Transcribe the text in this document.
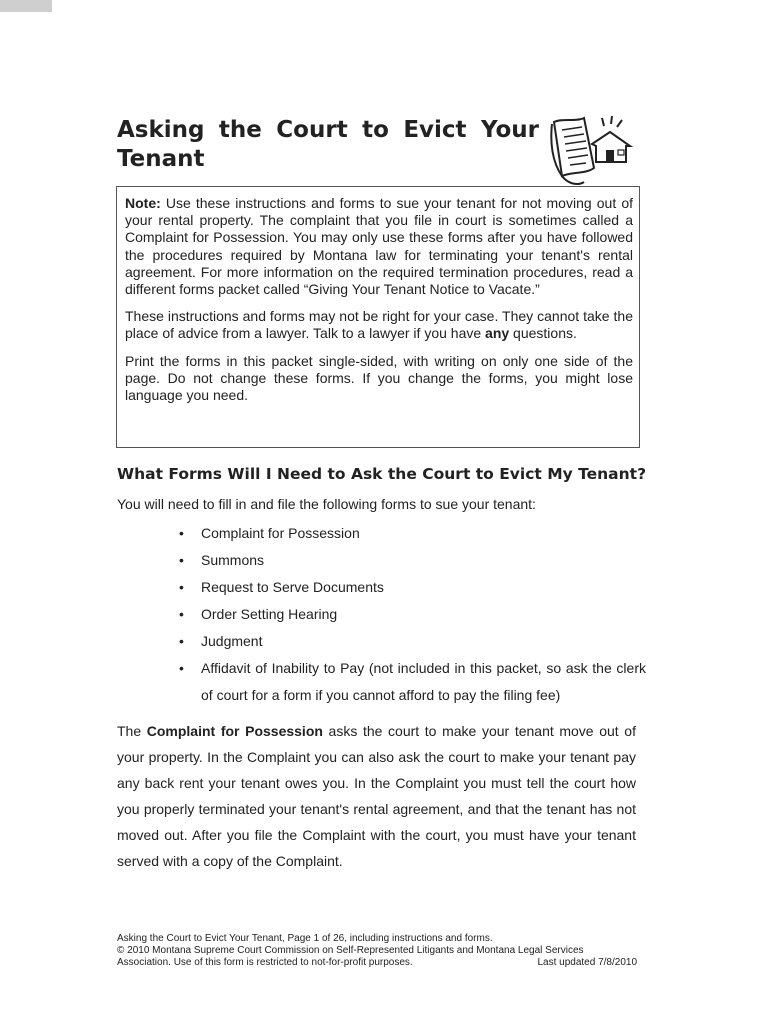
Asking the Court to Evict Your
Tenant

Note: Use these instructions and forms to sue your tenant for not moving out of your rental property. The complaint that you file in court is sometimes called a Complaint for Possession. You may only use these forms after you have followed the procedures required by Montana law for terminating your tenant's rental agreement. For more information on the required termination procedures, read a different forms packet called “Giving Your Tenant Notice to Vacate.”

These instructions and forms may not be right for your case. They cannot take the place of advice from a lawyer. Talk to a lawyer if you have any questions.

Print the forms in this packet single-sided, with writing on only one side of the page. Do not change these forms. If you change the forms, you might lose language you need.

What Forms Will I Need to Ask the Court to Evict My Tenant?

You will need to fill in and file the following forms to sue your tenant:

• Complaint for Possession
• Summons
• Request to Serve Documents
• Order Setting Hearing
• Judgment
• Affidavit of Inability to Pay (not included in this packet, so ask the clerk of court for a form if you cannot afford to pay the filing fee)

The Complaint for Possession asks the court to make your tenant move out of your property. In the Complaint you can also ask the court to make your tenant pay any back rent your tenant owes you. In the Complaint you must tell the court how you properly terminated your tenant's rental agreement, and that the tenant has not moved out. After you file the Complaint with the court, you must have your tenant served with a copy of the Complaint.

Asking the Court to Evict Your Tenant, Page 1 of 26, including instructions and forms.
© 2010 Montana Supreme Court Commission on Self-Represented Litigants and Montana Legal Services
Association. Use of this form is restricted to not-for-profit purposes.	Last updated 7/8/2010
